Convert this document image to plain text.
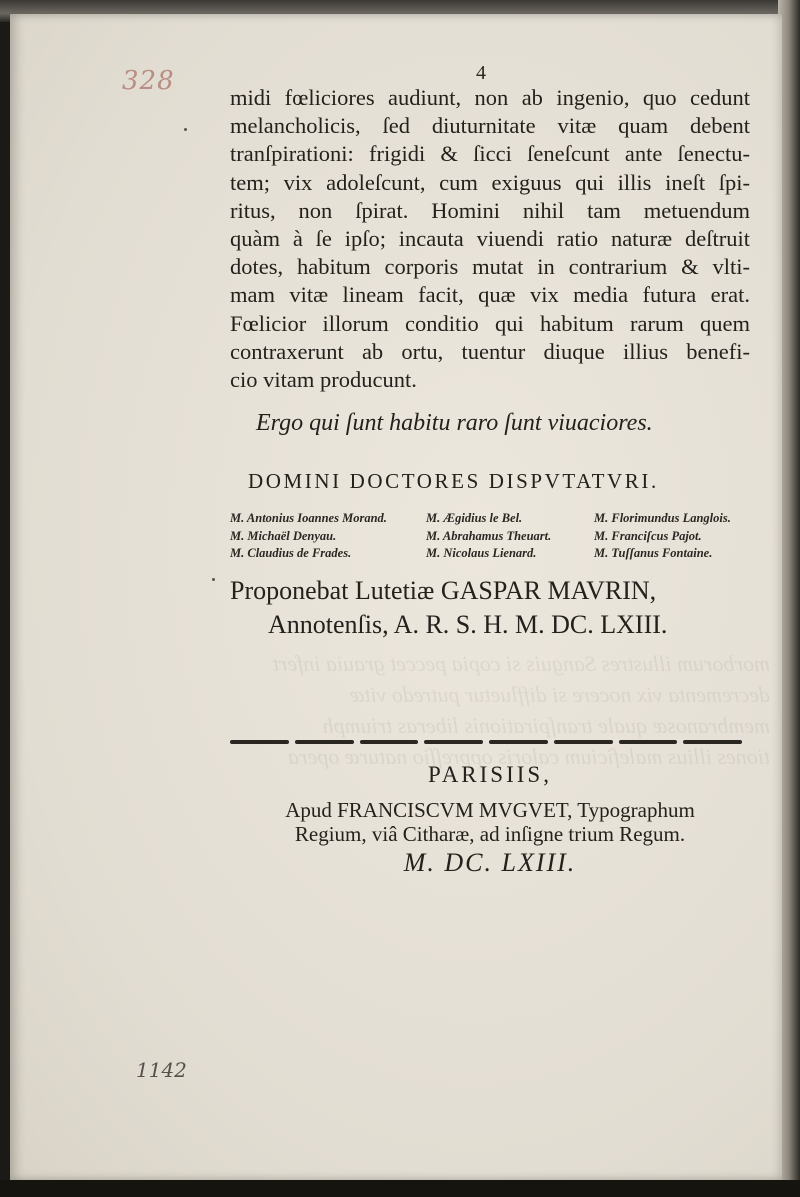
morborum illustres Sanguis si copia peccet grauia infert
decrementa vix nocere si diffluetur putredo vitæ
membranosæ quale tranſpirationis liberas triumph
tiones illius maleficium caloris oppreſſio naturæ opera
328	4
midi fœliciores audiunt, non ab ingenio, quo cedunt
melancholicis, ſed diuturnitate vitæ quam debent
tranſpirationi: frigidi & ſicci ſeneſcunt ante ſenectu-
tem; vix adoleſcunt, cum exiguus qui illis ineſt ſpi-
ritus, non ſpirat. Homini nihil tam metuendum
quàm à ſe ipſo; incauta viuendi ratio naturæ deſtruit
dotes, habitum corporis mutat in contrarium & vlti-
mam vitæ lineam facit, quæ vix media futura erat.
Fœlicior illorum conditio qui habitum rarum quem
contraxerunt ab ortu, tuentur diuque illius benefi-
cio vitam producunt.
Ergo qui ſunt habitu raro ſunt viuaciores.
DOMINI DOCTORES DISPVTATVRI.
M. Antonius Ioannes Morand.
M. Michaël Denyau.
M. Claudius de Frades.
M. Ægidius le Bel.
M. Abrahamus Theuart.
M. Nicolaus Lienard.
M. Florimundus Langlois.
M. Franciſcus Pajot.
M. Tuſſanus Fontaine.
Proponebat Lutetiæ GASPAR MAVRIN,
Annotenſis, A. R. S. H. M. DC. LXIII.
PARISIIS,
Apud FRANCISCVM MVGVET, Typographum
Regium, viâ Citharæ, ad inſigne trium Regum.
M. DC. LXIII.
1142
